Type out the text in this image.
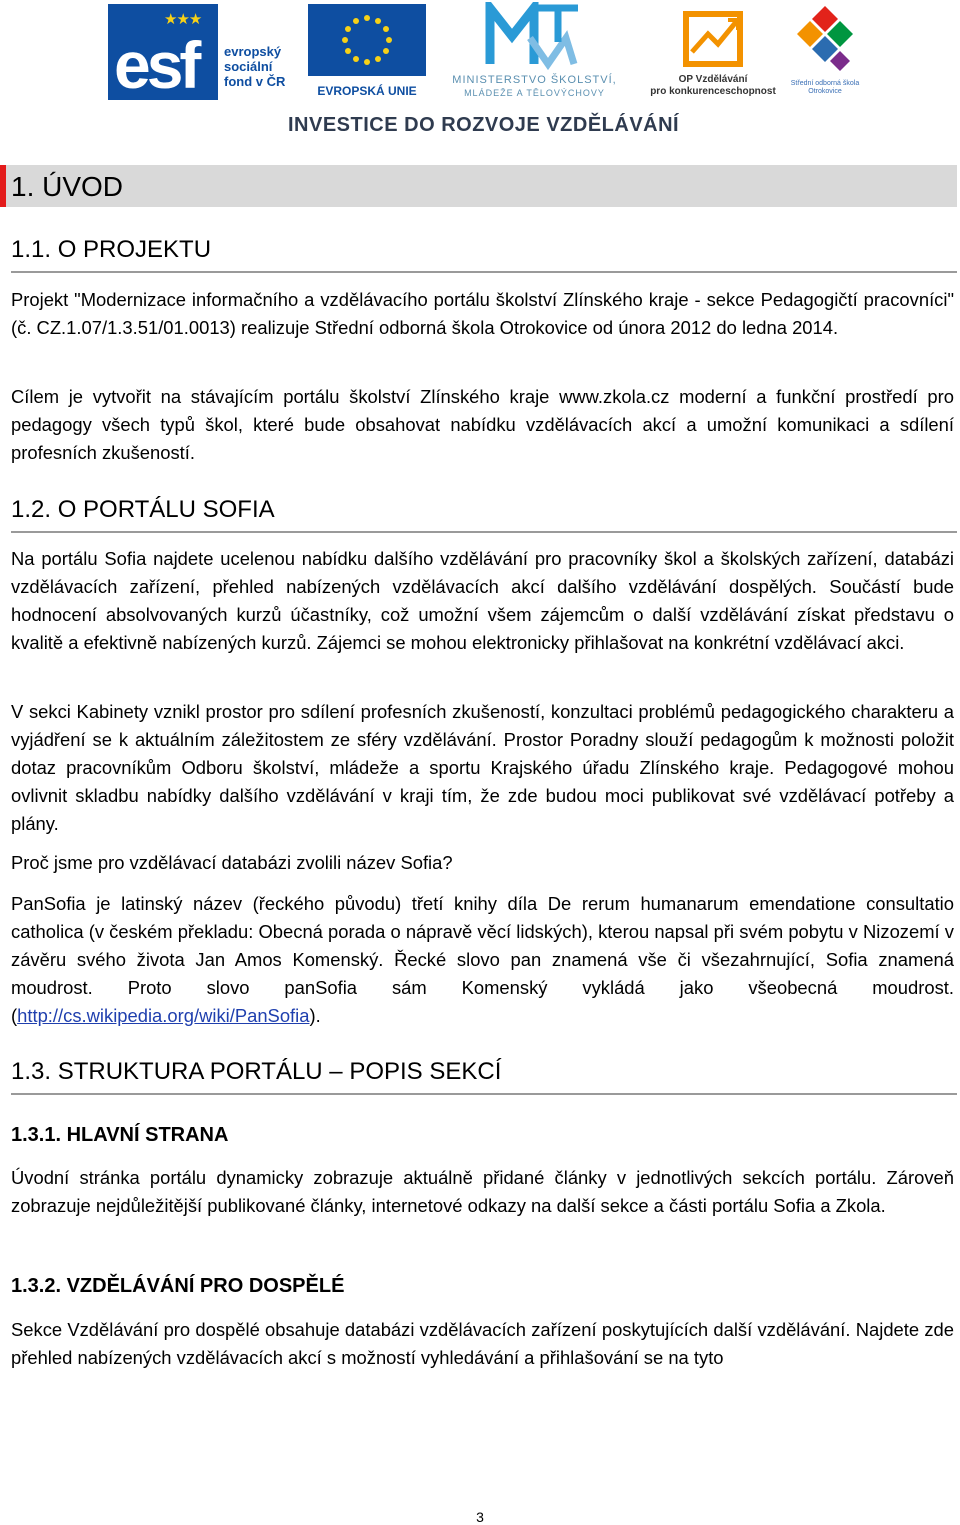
★★★
esf evropský
sociální
fond v ČR
EVROPSKÁ UNIE
MINISTERSTVO ŠKOLSTVÍ,
MLÁDEŽE A TĚLOVÝCHOVY
OP Vzdělávání
pro konkurenceschopnost
Střední odborná škola
Otrokovice
INVESTICE DO ROZVOJE VZDĚLÁVÁNÍ
1. ÚVOD
1.1. O PROJEKTU

Projekt "Modernizace informačního a vzdělávacího portálu školství Zlínského kraje - sekce Pedagogičtí pracovníci" (č. CZ.1.07/1.3.51/01.0013) realizuje Střední odborná škola Otrokovice od února 2012 do ledna 2014.

Cílem je vytvořit na stávajícím portálu školství Zlínského kraje www.zkola.cz moderní a funkční prostředí pro pedagogy všech typů škol, které bude obsahovat nabídku vzdělávacích akcí a umožní komunikaci a sdílení profesních zkušeností.

1.2. O PORTÁLU SOFIA

Na portálu Sofia najdete ucelenou nabídku dalšího vzdělávání pro pracovníky škol a školských zařízení, databázi vzdělávacích zařízení, přehled nabízených vzdělávacích akcí dalšího vzdělávání dospělých. Součástí bude hodnocení absolvovaných kurzů účastníky, což umožní všem zájemcům o další vzdělávání získat představu o kvalitě a efektivně nabízených kurzů. Zájemci se mohou elektronicky přihlašovat na konkrétní vzdělávací akci.

V sekci Kabinety vznikl prostor pro sdílení profesních zkušeností, konzultaci problémů pedagogického charakteru a vyjádření se k aktuálním záležitostem ze sféry vzdělávání. Prostor Poradny slouží pedagogům k možnosti položit dotaz pracovníkům Odboru školství, mládeže a sportu Krajského úřadu Zlínského kraje. Pedagogové mohou ovlivnit skladbu nabídky dalšího vzdělávání v kraji tím, že zde budou moci publikovat své vzdělávací potřeby a plány.

Proč jsme pro vzdělávací databázi zvolili název Sofia?

PanSofia je latinský název (řeckého původu) třetí knihy díla De rerum humanarum emendatione consultatio catholica (v českém překladu: Obecná porada o nápravě věcí lidských), kterou napsal při svém pobytu v Nizozemí v závěru svého života Jan Amos Komenský. Řecké slovo pan znamená vše či všezahrnující, Sofia znamená moudrost. Proto slovo panSofia sám Komenský vykládá jako všeobecná moudrost. (http://cs.wikipedia.org/wiki/PanSofia).

1.3. STRUKTURA PORTÁLU – POPIS SEKCÍ
1.3.1. HLAVNÍ STRANA

Úvodní stránka portálu dynamicky zobrazuje aktuálně přidané články v jednotlivých sekcích portálu. Zároveň zobrazuje nejdůležitější publikované články, internetové odkazy na další sekce a části portálu Sofia a Zkola.

1.3.2. VZDĚLÁVÁNÍ PRO DOSPĚLÉ

Sekce Vzdělávání pro dospělé obsahuje databázi vzdělávacích zařízení poskytujících další vzdělávání. Najdete zde přehled nabízených vzdělávacích akcí s možností vyhledávání a přihlašování se na tyto

3
